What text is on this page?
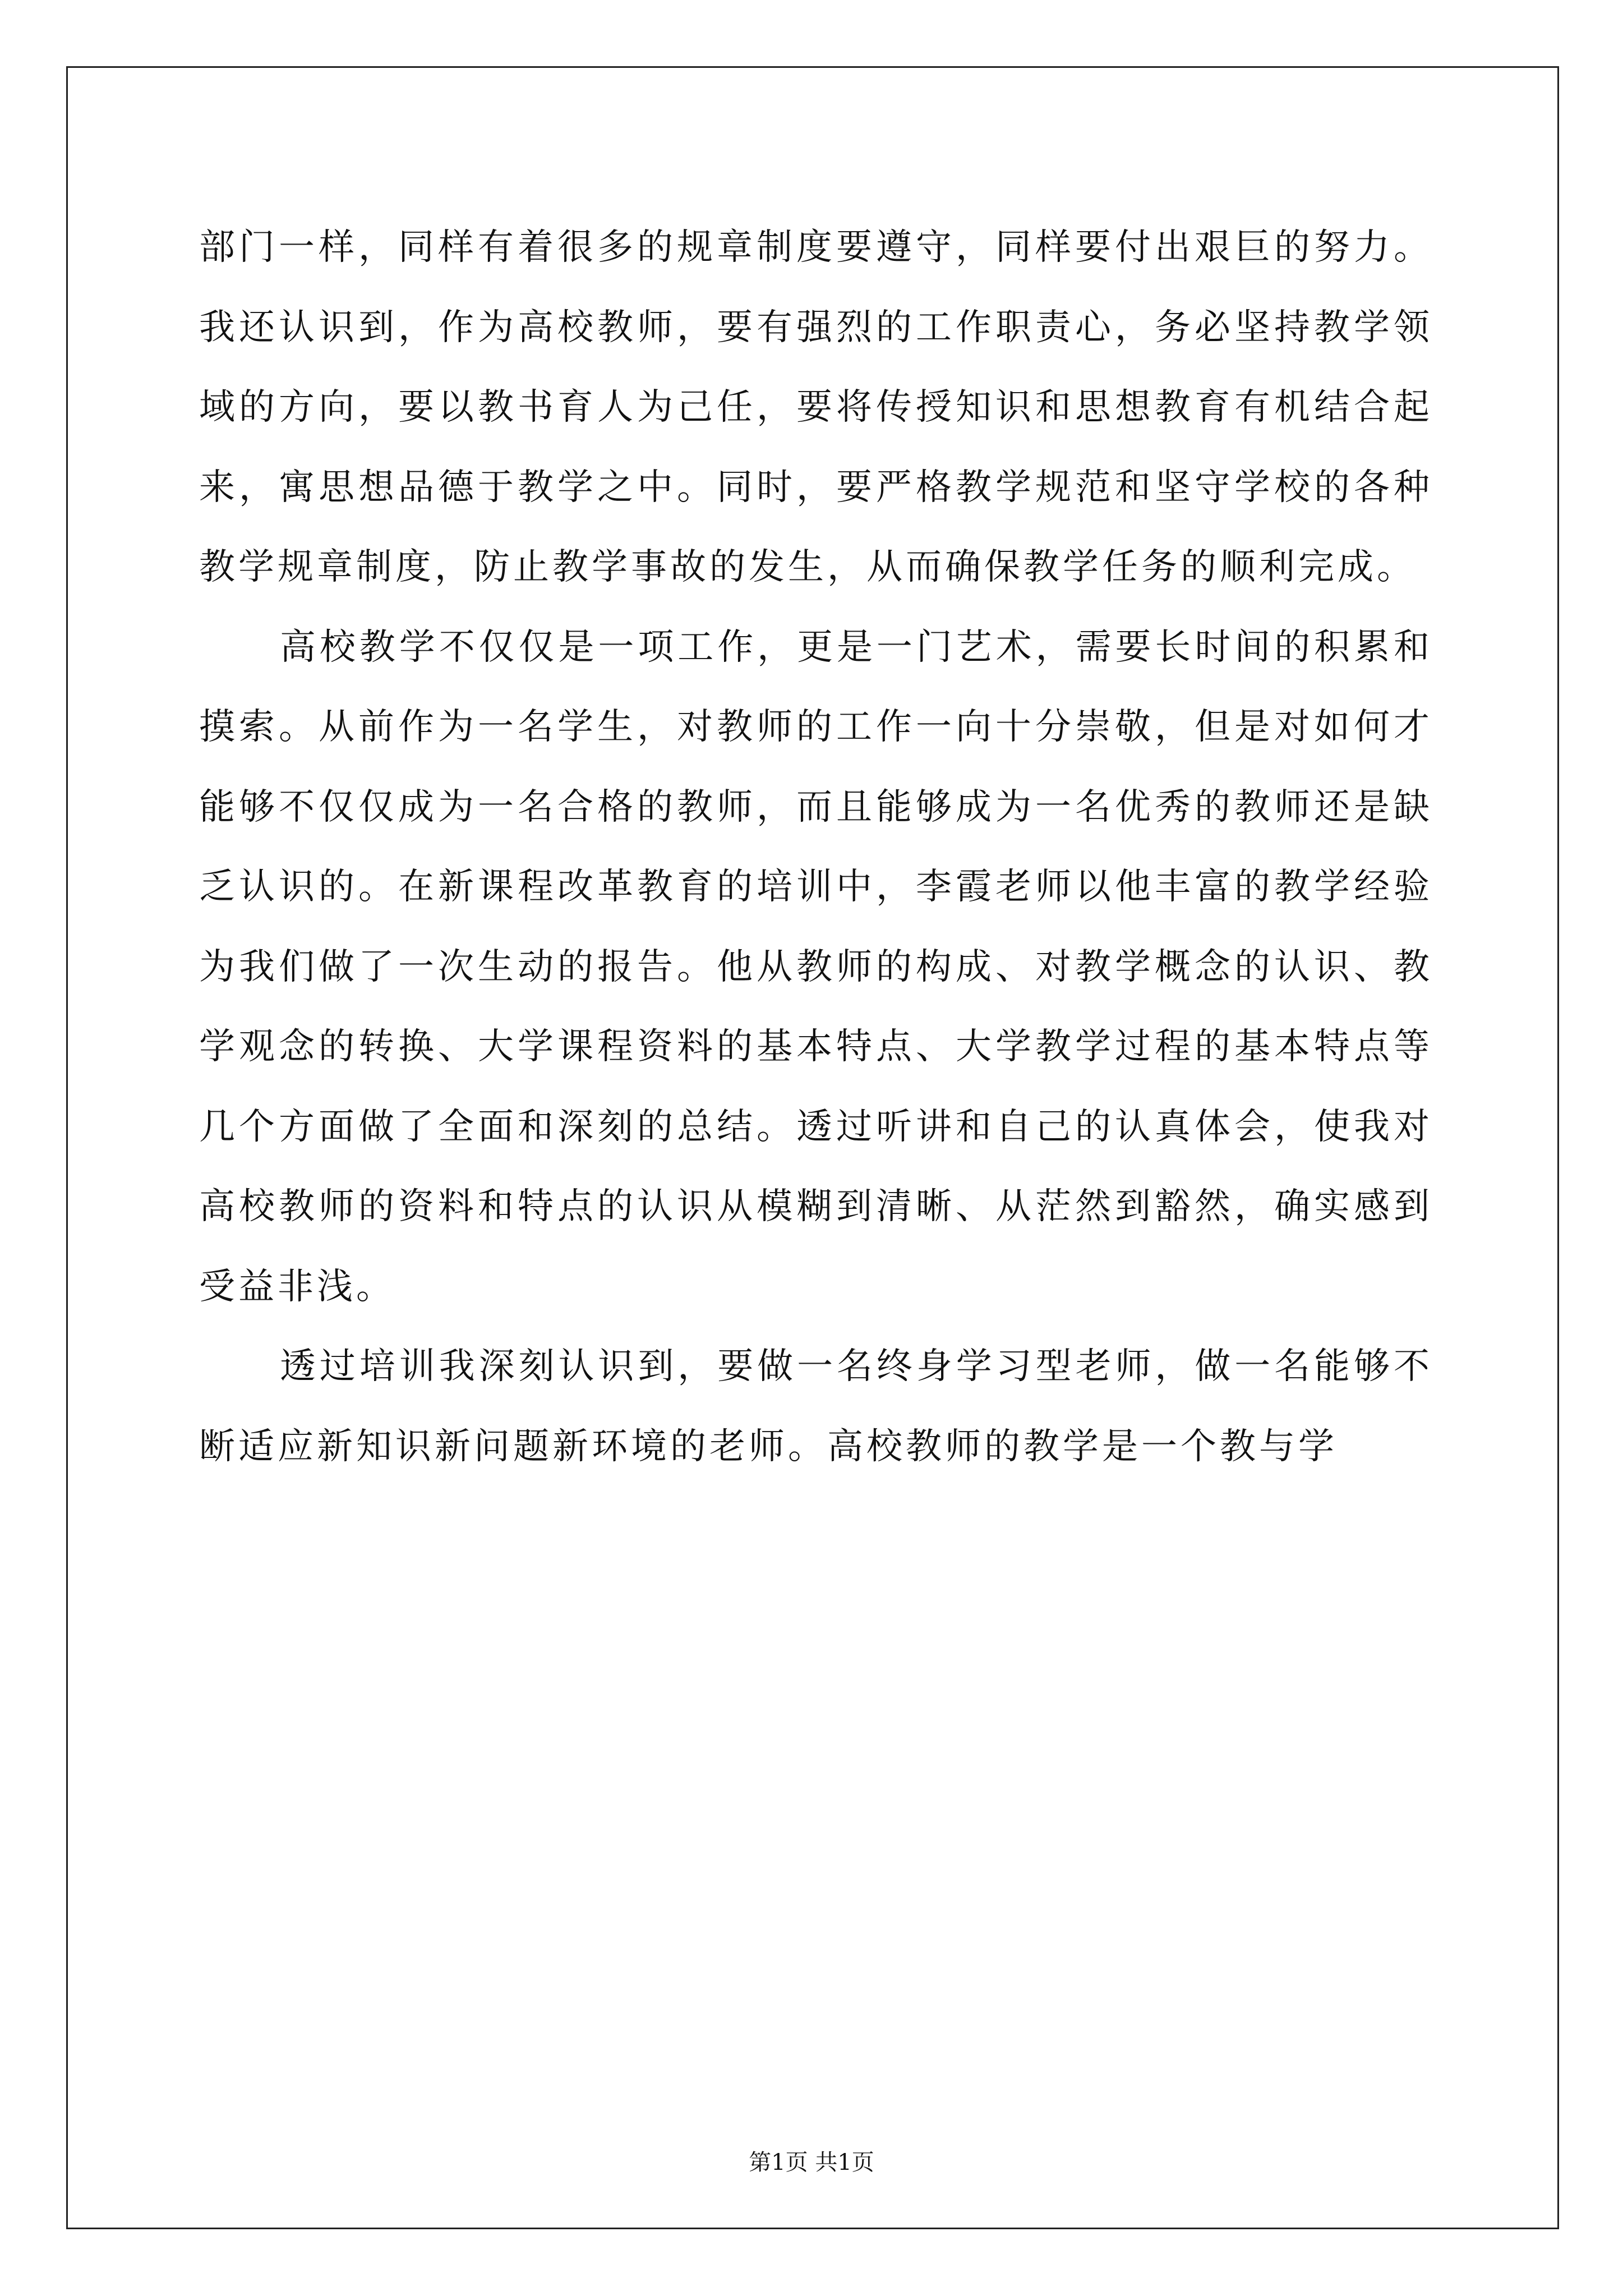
部门一样，同样有着很多的规章制度要遵守，同样要付出艰巨的努力。我还认识到，作为高校教师，要有强烈的工作职责心，务必坚持教学领域的方向，要以教书育人为己任，要将传授知识和思想教育有机结合起来，寓思想品德于教学之中。同时，要严格教学规范和坚守学校的各种教学规章制度，防止教学事故的发生，从而确保教学任务的顺利完成。

高校教学不仅仅是一项工作，更是一门艺术，需要长时间的积累和摸索。从前作为一名学生，对教师的工作一向十分崇敬，但是对如何才能够不仅仅成为一名合格的教师，而且能够成为一名优秀的教师还是缺乏认识的。在新课程改革教育的培训中，李霞老师以他丰富的教学经验为我们做了一次生动的报告。他从教师的构成、对教学概念的认识、教学观念的转换、大学课程资料的基本特点、大学教学过程的基本特点等几个方面做了全面和深刻的总结。透过听讲和自己的认真体会，使我对高校教师的资料和特点的认识从模糊到清晰、从茫然到豁然，确实感到受益非浅。

透过培训我深刻认识到，要做一名终身学习型老师，做一名能够不断适应新知识新问题新环境的老师。高校教师的教学是一个教与学

第1页 共1页
